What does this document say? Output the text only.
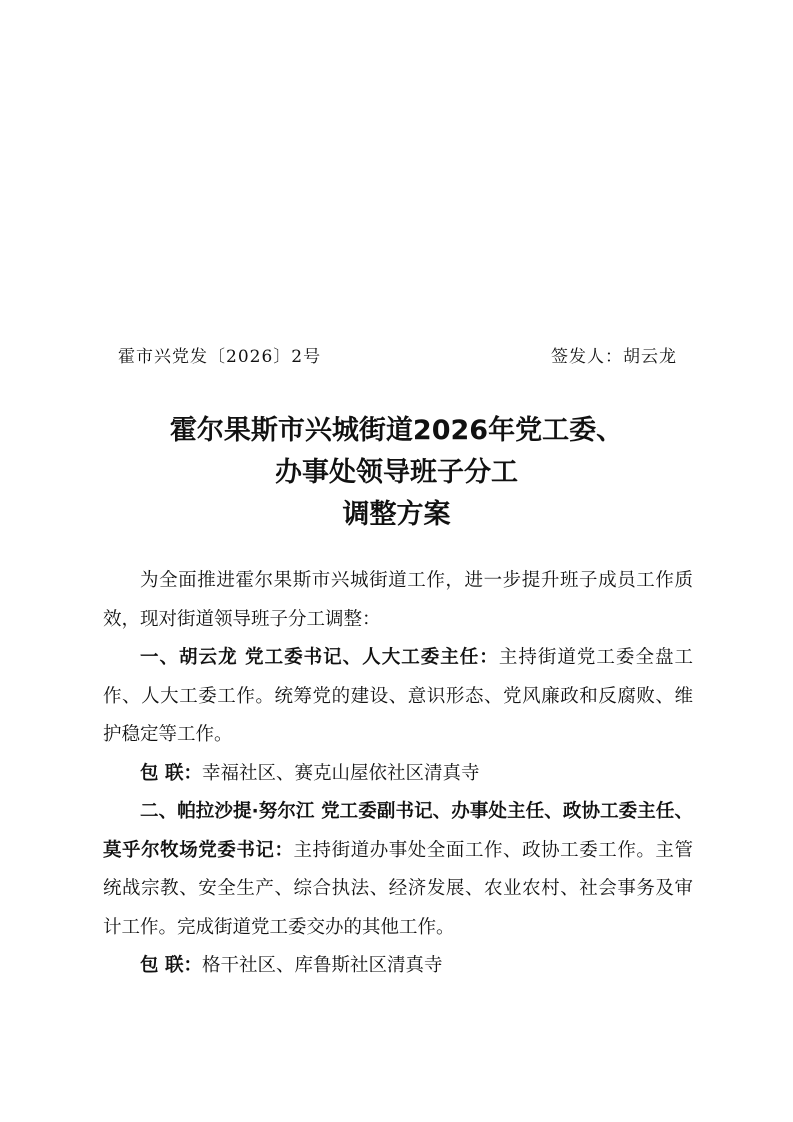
霍市兴党发〔2026〕2号	签发人：胡云龙
霍尔果斯市兴城街道2026年党工委、
办事处领导班子分工
调整方案

为全面推进霍尔果斯市兴城街道工作，进一步提升班子成员工作质效，现对街道领导班子分工调整：

一、胡云龙 党工委书记、人大工委主任：主持街道党工委全盘工作、人大工委工作。统筹党的建设、意识形态、党风廉政和反腐败、维护稳定等工作。

包 联：幸福社区、赛克山屋依社区清真寺

二、帕拉沙提·努尔江 党工委副书记、办事处主任、政协工委主任、莫乎尔牧场党委书记：主持街道办事处全面工作、政协工委工作。主管统战宗教、安全生产、综合执法、经济发展、农业农村、社会事务及审计工作。完成街道党工委交办的其他工作。

包 联：格干社区、库鲁斯社区清真寺
